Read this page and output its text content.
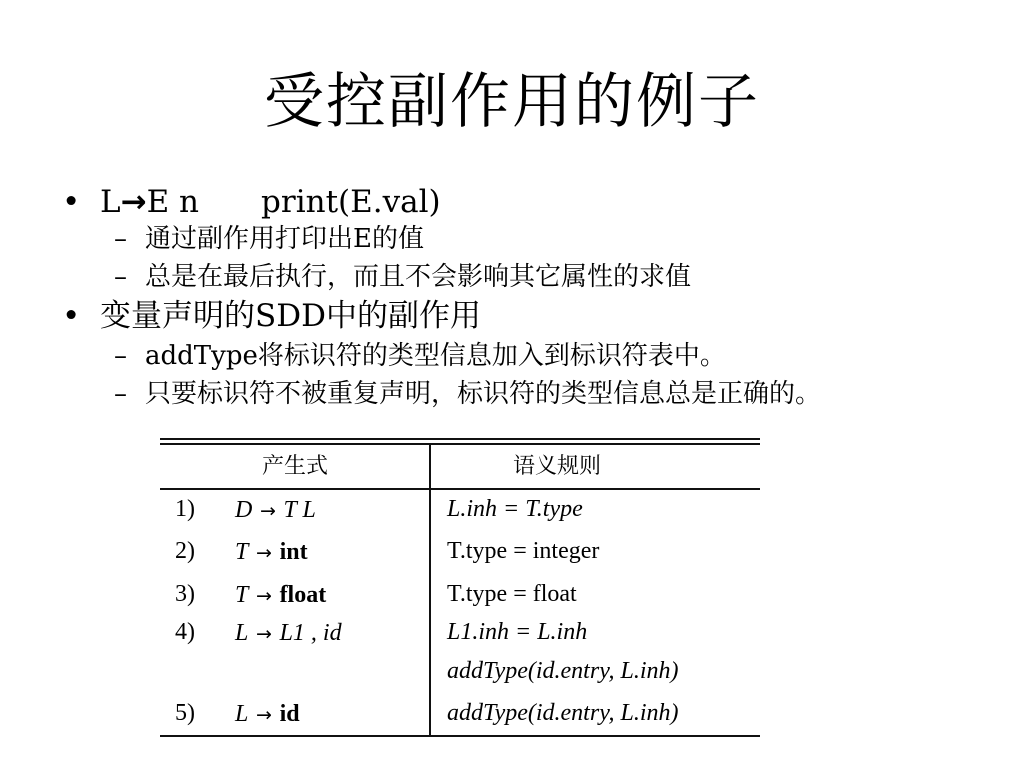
受控副作用的例子
• L→E n print(E.val)
– 通过副作用打印出E的值
– 总是在最后执行，而且不会影响其它属性的求值
• 变量声明的SDD中的副作用
– addType将标识符的类型信息加入到标识符表中。
– 只要标识符不被重复声明，标识符的类型信息总是正确的。
产生式	语义规则
1) D → T L	L.inh = T.type
2) T → int	T.type = integer
3) T → float	T.type = float
4) L → L1 , id	L1.inh = L.inh
addType(id.entry, L.inh)
5) L → id	addType(id.entry, L.inh)
